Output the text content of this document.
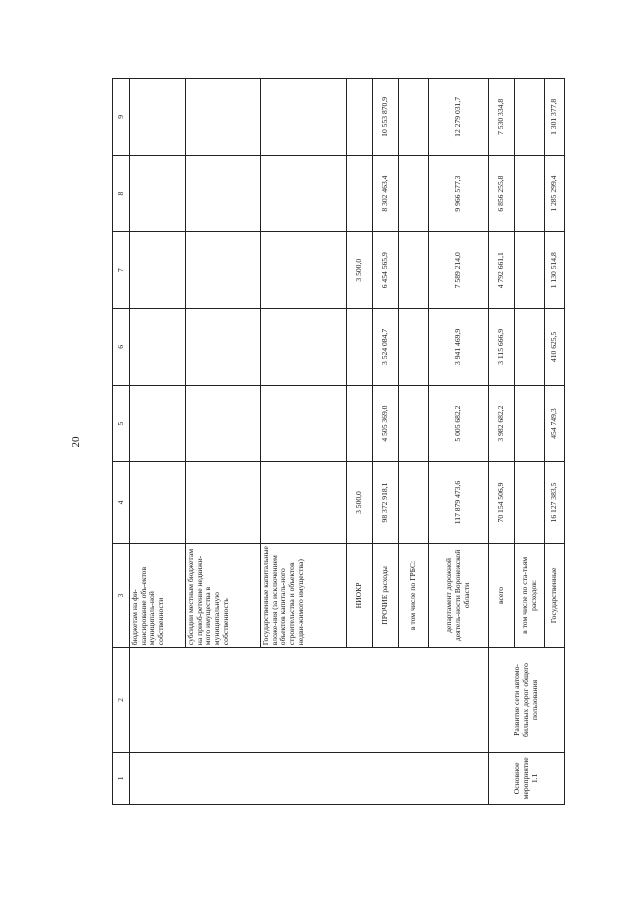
20
1	2	3	4	5	6	7	8	9
		бюджетам на фи-нансирование объ-ектов муниципаль-ной собственности						
		субсидии местным бюджетам на приоб-ретение недвижи-мого имущества в муниципальную собственность						
		Государственные капитальные вложе-ния (за исключением объектов капиталь-ного строительства и объектов недви-жимого имущества)						
		НИОКР	3 500,0			3 500,0		
		ПРОЧИЕ расходы	98 372 918,1	4 505 369,0	3 524 084,7	6 454 565,9	8 302 463,4	10 553 870,9
		в том числе по ГРБС:						
		департамент дорожной деятель-ности Воронежской области	117 879 473,6	5 005 682,2	3 941 469,9	7 589 214,0	9 966 577,3	12 279 031,7
Основное мероприятие 1.1	Развитие сети автомо-бильных дорог общего пользования	всего	70 154 506,9	3 982 682,2	3 115 666,9	4 792 661,1	6 856 255,8	7 530 334,8
		в том числе по ста-тьям расходов:						
		Государственные	16 127 383,5	454 749,3	410 625,5	1 130 514,8	1 285 299,4	1 301 377,8
